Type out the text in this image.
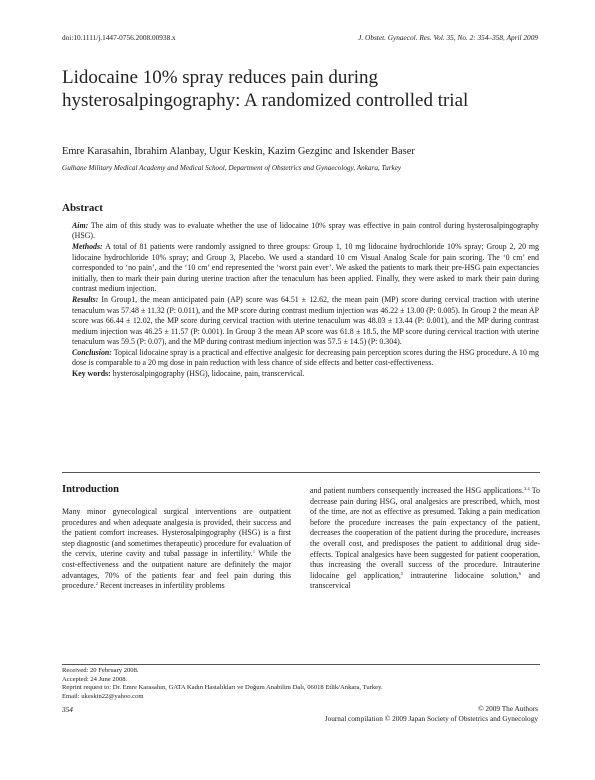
doi:10.1111/j.1447-0756.2008.00938.x	J. Obstet. Gynaecol. Res. Vol. 35, No. 2: 354–358, April 2009
Lidocaine 10% spray reduces pain during hysterosalpingography: A randomized controlled trial
Emre Karasahin, Ibrahim Alanbay, Ugur Keskin, Kazim Gezginc and Iskender Baser
Gulhane Military Medical Academy and Medical School, Department of Obstetrics and Gynaecology, Ankara, Turkey
Abstract

Aim: The aim of this study was to evaluate whether the use of lidocaine 10% spray was effective in pain control during hysterosalpingography (HSG).

Methods: A total of 81 patients were randomly assigned to three groups: Group 1, 10 mg lidocaine hydrochloride 10% spray; Group 2, 20 mg lidocaine hydrochloride 10% spray; and Group 3, Placebo. We used a standard 10 cm Visual Analog Scale for pain scoring. The ‘0 cm’ end corresponded to ‘no pain’, and the ‘10 cm’ end represented the ‘worst pain ever’. We asked the patients to mark their pre-HSG pain expectancies initially, then to mark their pain during uterine traction after the tenaculum has been applied. Finally, they were asked to mark their pain during contrast medium injection.

Results: In Group1, the mean anticipated pain (AP) score was 64.51 ± 12.62, the mean pain (MP) score during cervical traction with uterine tenaculum was 57.48 ± 11.32 (P: 0.011), and the MP score during contrast medium injection was 46.22 ± 13.00 (P: 0.005). In Group 2 the mean AP score was 66.44 ± 12.02, the MP score during cervical traction with uterine tenaculum was 48.03 ± 13.44 (P: 0.001), and the MP during contrast medium injection was 46.25 ± 11.57 (P: 0.001). In Group 3 the mean AP score was 61.8 ± 18.5, the MP score during cervical traction with uterine tenaculum was 59.5 (P: 0.07), and the MP during contrast medium injection was 57.5 ± 14.5) (P: 0.304).

Conclusion: Topical lidocaine spray is a practical and effective analgesic for decreasing pain perception scores during the HSG procedure. A 10 mg dose is comparable to a 20 mg dose in pain reduction with less chance of side effects and better cost-effectiveness.

Key words: hysterosalpingography (HSG), lidocaine, pain, transcervical.

Introduction

Many minor gynecological surgical interventions are outpatient procedures and when adequate analgesia is provided, their success and the patient comfort increases. Hysterosalpingography (HSG) is a first step diagnostic (and sometimes therapeutic) procedure for evaluation of the cervix, uterine cavity and tubal passage in infertility.$^1$ While the cost-effectiveness and the outpatient nature are definitely the major advantages, 70% of the patients fear and feel pain during this procedure.$^2$ Recent increases in infertility problems

and patient numbers consequently increased the HSG applications.$^{3,4}$ To decrease pain during HSG, oral analgesics are prescribed, which, most of the time, are not as effective as presumed. Taking a pain medication before the procedure increases the pain expectancy of the patient, decreases the cooperation of the patient during the procedure, increases the overall cost, and predisposes the patient to additional drug side-effects. Topical analgesics have been suggested for patient cooperation, thus increasing the overall success of the procedure. Intrauterine lidocaine gel application,$^5$ intrauterine lidocaine solution,$^6$ and transcervical

Received: 20 February 2008.
Accepted: 24 June 2008.
Reprint request to: Dr. Emre Karasahın, GATA Kadın Hastalıkları ve Doğum Anabilim Dalı, 06018 Etlik/Ankara, Turkey.
Email: ukeskin22@yahoo.com
354	© 2009 The Authors
Journal compilation © 2009 Japan Society of Obstetrics and Gynecology
